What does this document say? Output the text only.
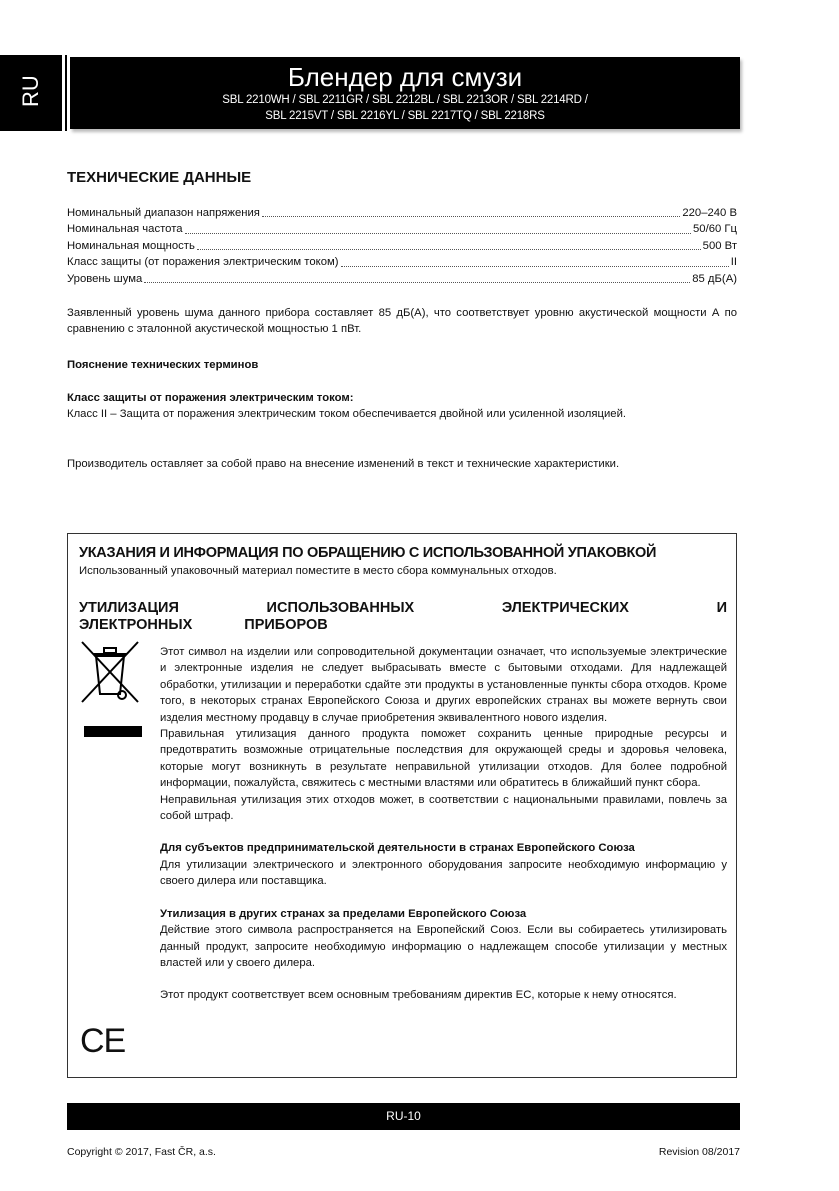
RU	Блендер для смузи
SBL 2210WH / SBL 2211GR / SBL 2212BL / SBL 2213OR / SBL 2214RD /
SBL 2215VT / SBL 2216YL / SBL 2217TQ / SBL 2218RS
ТЕХНИЧЕСКИЕ ДАННЫЕ
Номинальный диапазон напряжения	220–240 В
Номинальная частота	50/60 Гц
Номинальная мощность	500 Вт
Класс защиты (от поражения электрическим током)	II
Уровень шума	85 дБ(A)

Заявленный уровень шума данного прибора составляет 85 дБ(A), что соответствует уровню акустической мощности А по сравнению с эталонной акустической мощностью 1 пВт.

Пояснение технических терминов

Класс защиты от поражения электрическим током:

Класс II – Защита от поражения электрическим током обеспечивается двойной или усиленной изоляцией.

Производитель оставляет за собой право на внесение изменений в текст и технические характеристики.

УКАЗАНИЯ И ИНФОРМАЦИЯ ПО ОБРАЩЕНИЮ С ИСПОЛЬЗОВАННОЙ УПАКОВКОЙ
Использованный упаковочный материал поместите в место сбора коммунальных отходов.
УТИЛИЗАЦИЯ ИСПОЛЬЗОВАННЫХ ЭЛЕКТРИЧЕСКИХ И ЭЛЕКТРОННЫХ ПРИБОРОВ

Этот символ на изделии или сопроводительной документации означает, что используемые электрические и электронные изделия не следует выбрасывать вместе с бытовыми отходами. Для надлежащей обработки, утилизации и переработки сдайте эти продукты в установленные пункты сбора отходов. Кроме того, в некоторых странах Европейского Союза и других европейских странах вы можете вернуть свои изделия местному продавцу в случае приобретения эквивалентного нового изделия.

Правильная утилизация данного продукта поможет сохранить ценные природные ресурсы и предотвратить возможные отрицательные последствия для окружающей среды и здоровья человека, которые могут возникнуть в результате неправильной утилизации отходов. Для более подробной информации, пожалуйста, свяжитесь с местными властями или обратитесь в ближайший пункт сбора.

Неправильная утилизация этих отходов может, в соответствии с национальными правилами, повлечь за собой штраф.

Для субъектов предпринимательской деятельности в странах Европейского Союза

Для утилизации электрического и электронного оборудования запросите необходимую информацию у своего дилера или поставщика.

Утилизация в других странах за пределами Европейского Союза

Действие этого символа распространяется на Европейский Союз. Если вы собираетесь утилизировать данный продукт, запросите необходимую информацию о надлежащем способе утилизации у местных властей или у своего дилера.

Этот продукт соответствует всем основным требованиям директив ЕС, которые к нему относятся.

CE
RU-10
Copyright © 2017, Fast ČR, a.s.	Revision 08/2017
